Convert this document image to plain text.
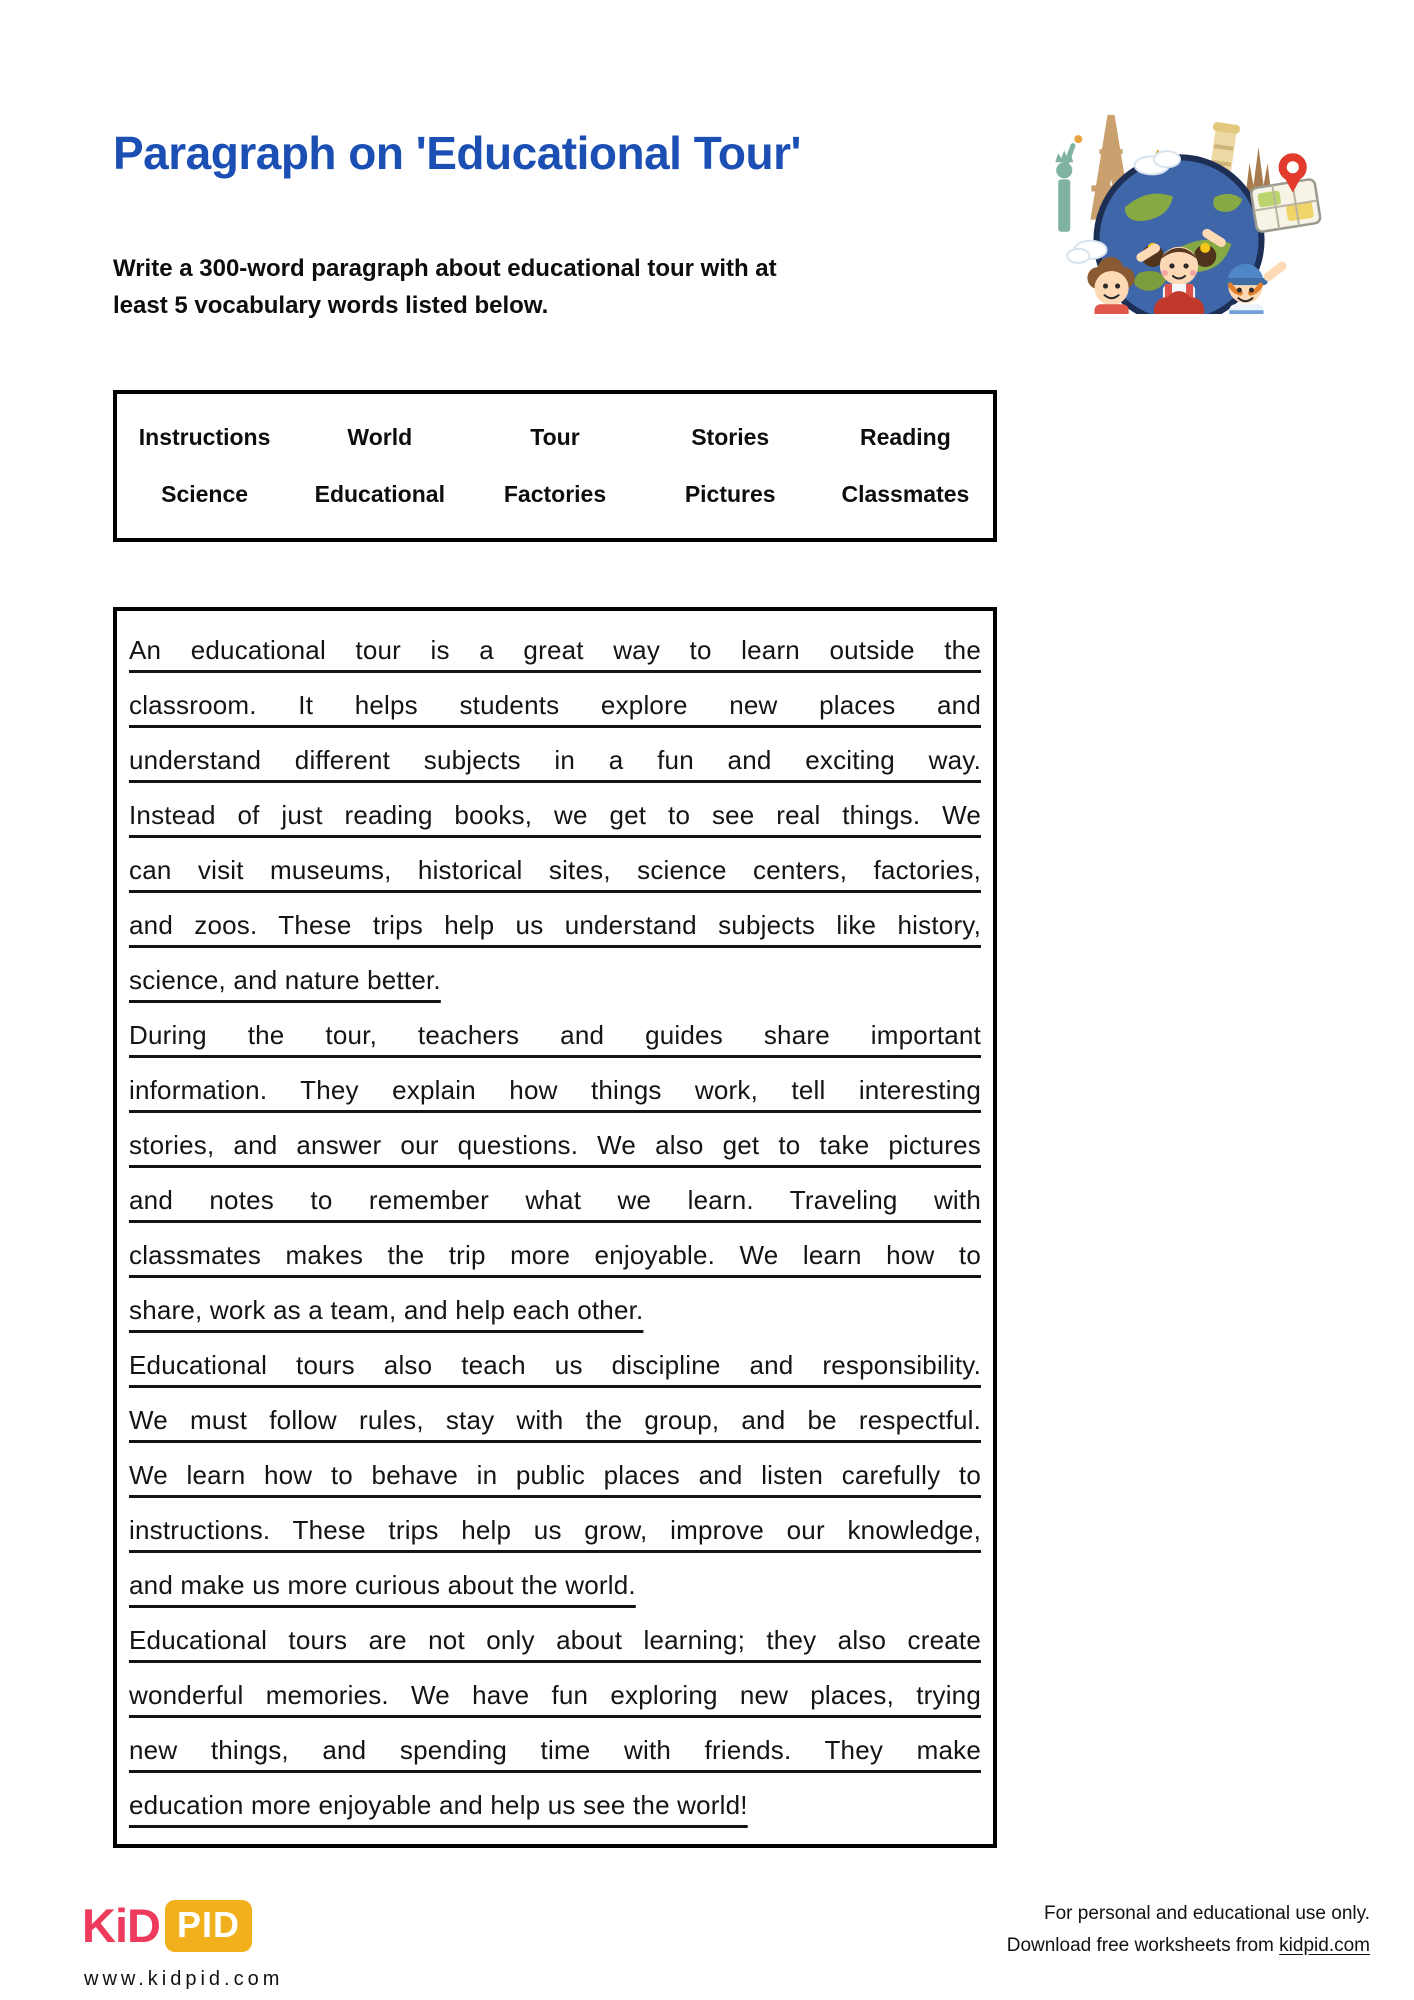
Paragraph on 'Educational Tour'
Write a 300-word paragraph about educational tour with at
least 5 vocabulary words listed below.
Instructions	World	Tour	Stories	Reading
Science	Educational	Factories	Pictures	Classmates
An educational tour is a great way to learn outside the
classroom. It helps students explore new places and
understand different subjects in a fun and exciting way.
Instead of just reading books, we get to see real things. We
can visit museums, historical sites, science centers, factories,
and zoos. These trips help us understand subjects like history,
science, and nature better.
During the tour, teachers and guides share important
information. They explain how things work, tell interesting
stories, and answer our questions. We also get to take pictures
and notes to remember what we learn. Traveling with
classmates makes the trip more enjoyable. We learn how to
share, work as a team, and help each other.
Educational tours also teach us discipline and responsibility.
We must follow rules, stay with the group, and be respectful.
We learn how to behave in public places and listen carefully to
instructions. These trips help us grow, improve our knowledge,
and make us more curious about the world.
Educational tours are not only about learning; they also create
wonderful memories. We have fun exploring new places, trying
new things, and spending time with friends. They make
education more enjoyable and help us see the world!
KiD PID
www.kidpid.com
For personal and educational use only.
Download free worksheets from kidpid.com
